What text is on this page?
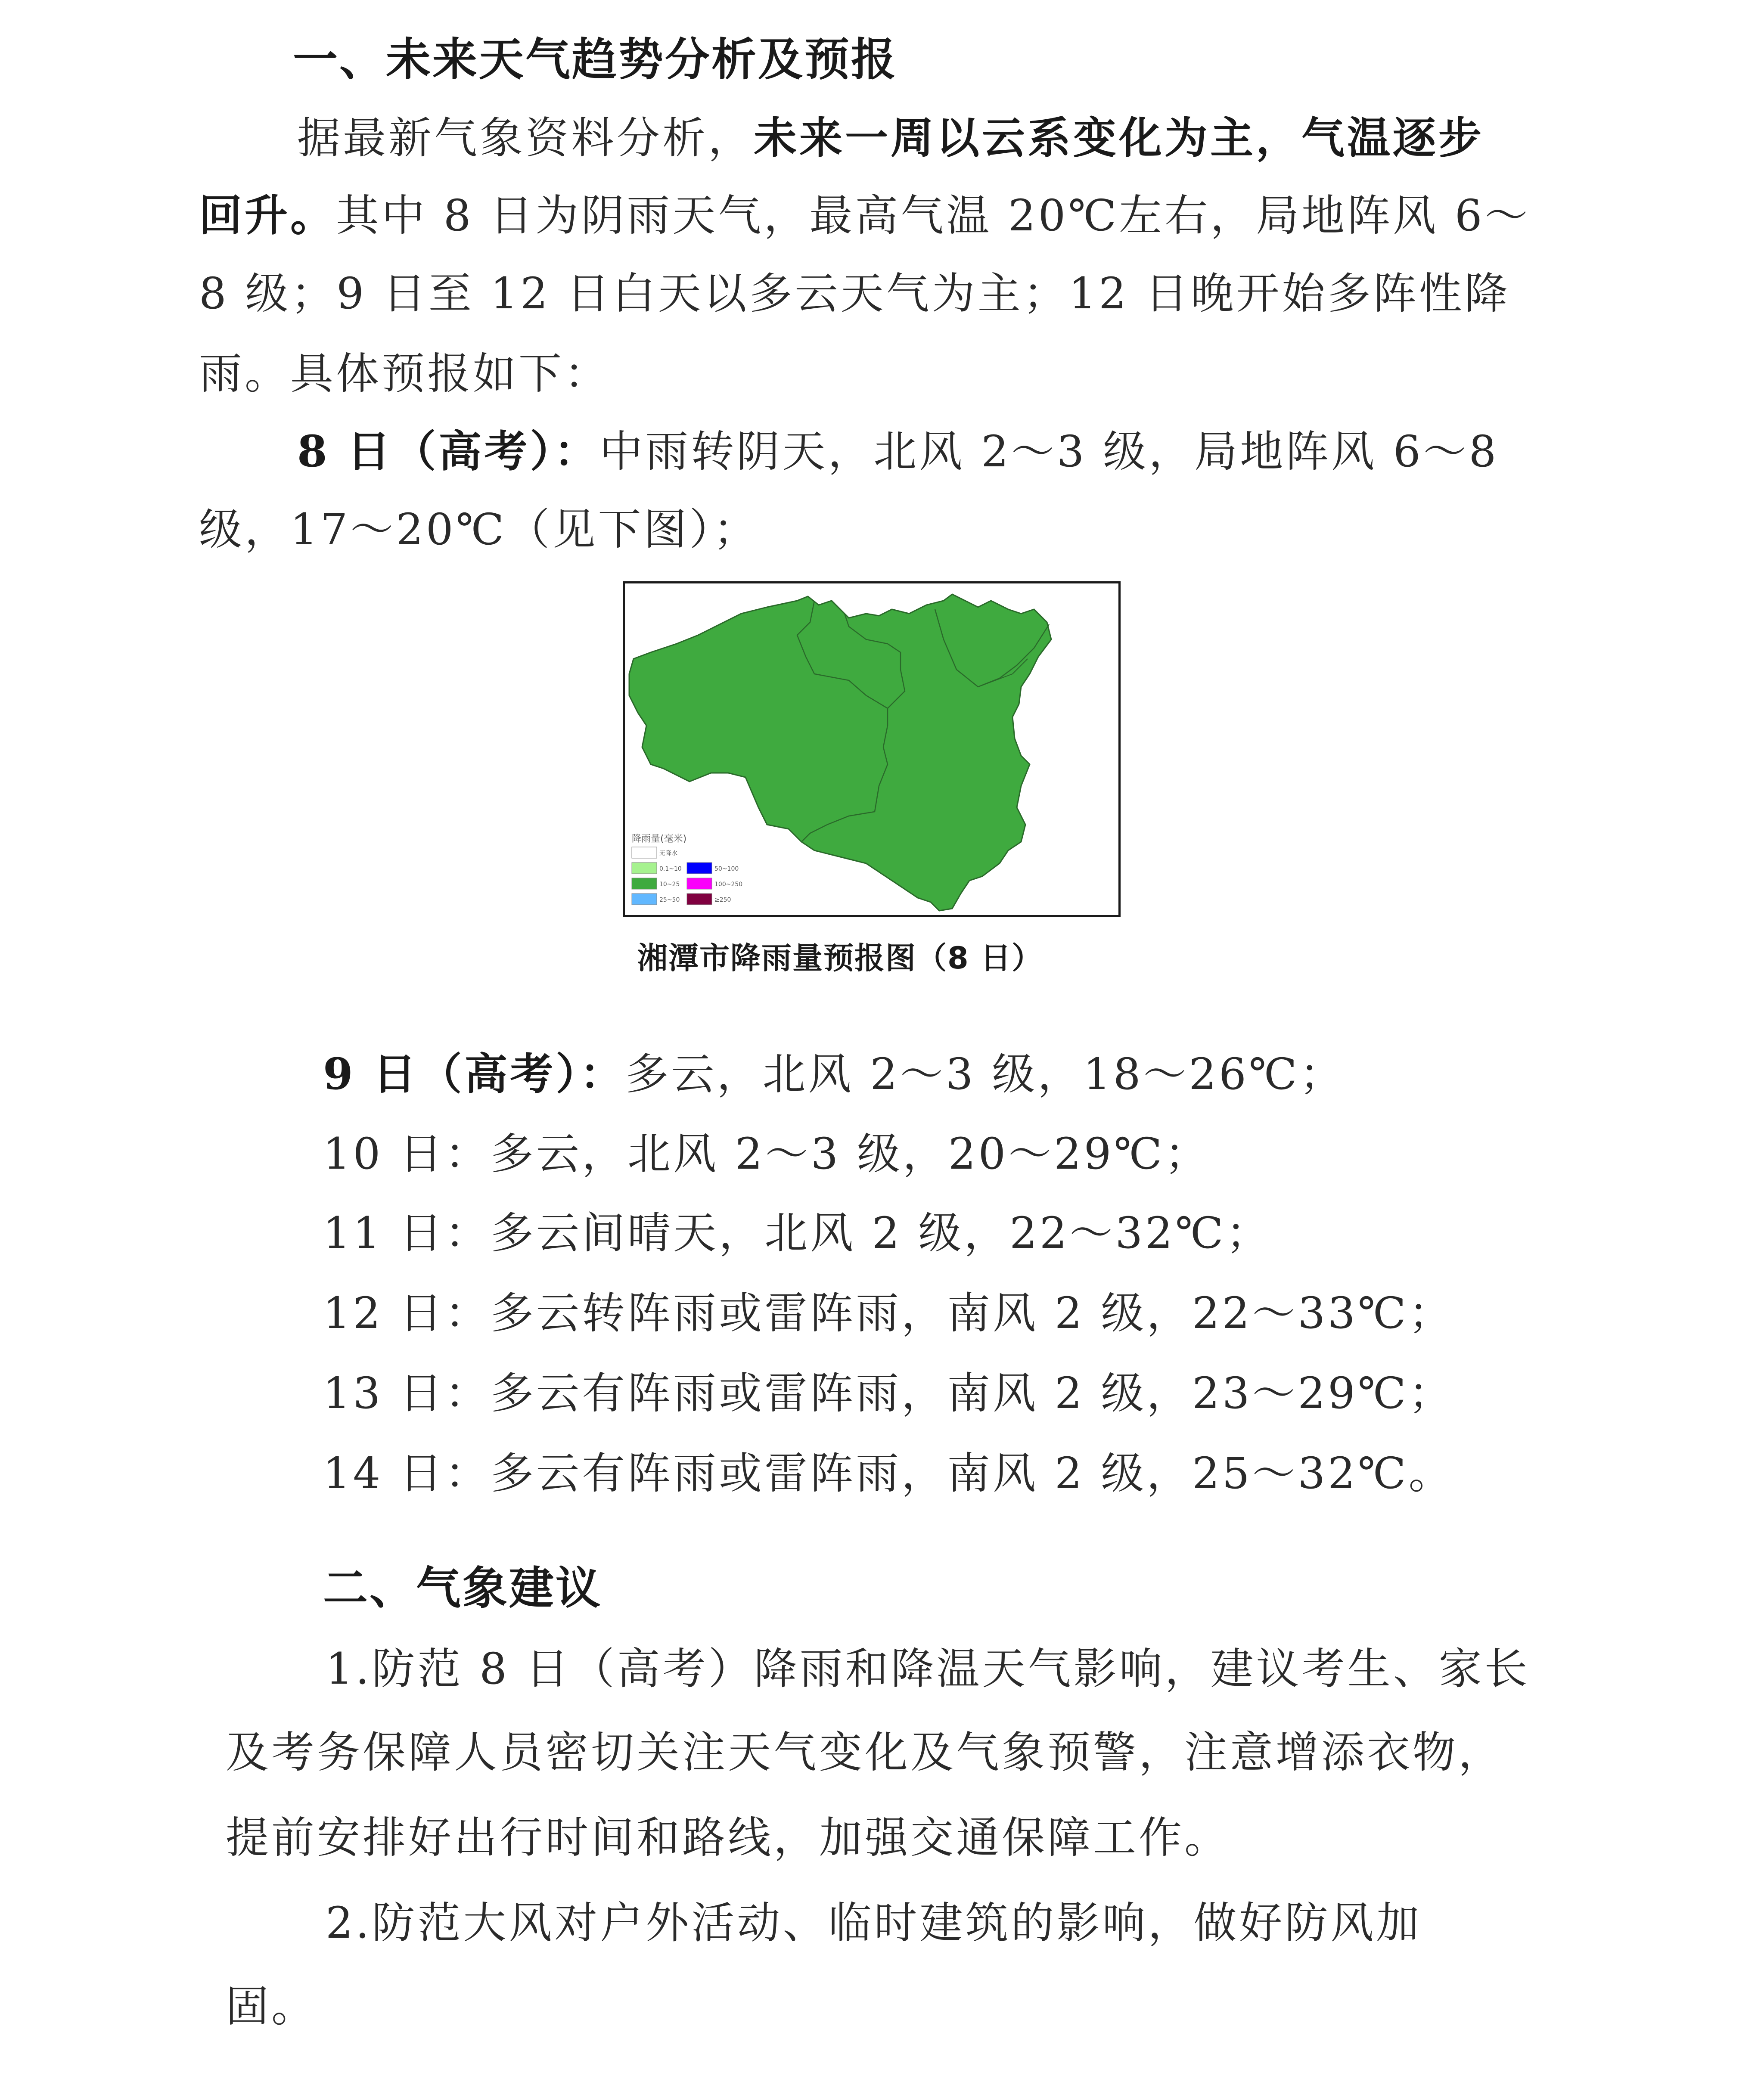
一、未来天气趋势分析及预报
据最新气象资料分析，未来一周以云系变化为主，气温逐步
回升。其中 8 日为阴雨天气，最高气温 20℃左右，局地阵风 6～
8 级；9 日至 12 日白天以多云天气为主；12 日晚开始多阵性降
雨。具体预报如下：
8 日（高考）：中雨转阴天，北风 2～3 级，局地阵风 6～8
级，17～20℃（见下图）；
降雨量(毫米)
无降水
0.1~10
10~25
25~50
50~100
100~250
≥250
湘潭市降雨量预报图（8 日）
9 日（高考）：多云，北风 2～3 级，18～26℃；
10 日：多云，北风 2～3 级，20～29℃；
11 日：多云间晴天，北风 2 级，22～32℃；
12 日：多云转阵雨或雷阵雨，南风 2 级，22～33℃；
13 日：多云有阵雨或雷阵雨，南风 2 级，23～29℃；
14 日：多云有阵雨或雷阵雨，南风 2 级，25～32℃。
二、气象建议
1.防范 8 日（高考）降雨和降温天气影响，建议考生、家长
及考务保障人员密切关注天气变化及气象预警，注意增添衣物，
提前安排好出行时间和路线，加强交通保障工作。
2.防范大风对户外活动、临时建筑的影响，做好防风加
固。
